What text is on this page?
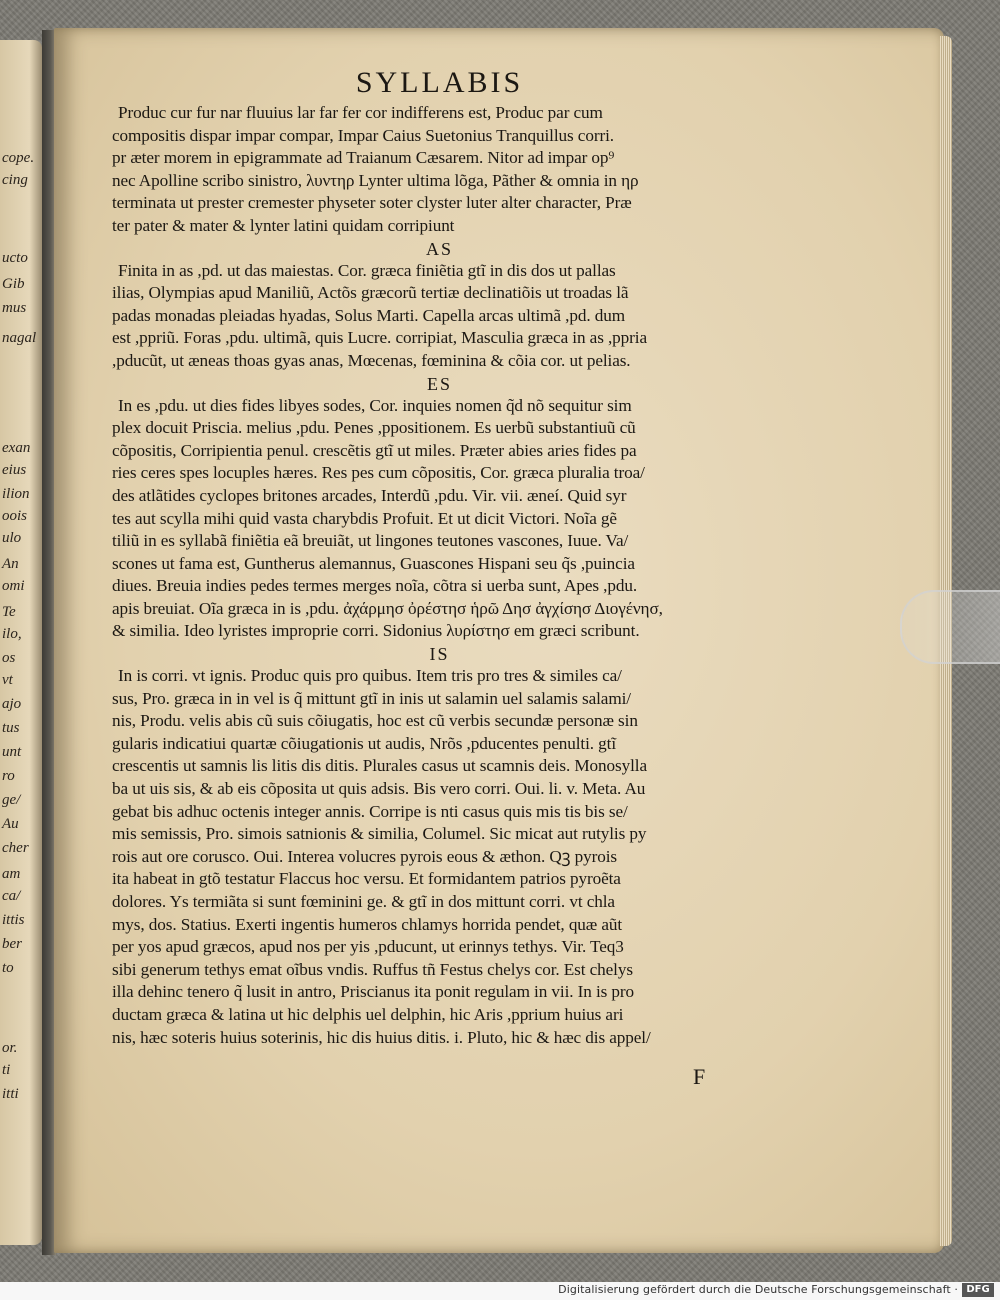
cope.
cing
ucto
Gib
mus
nagal
exan
eius
ilion
oois
ulo
An
omi
Te
ilo,
os
vt
ajo
tus
unt
ro
ge/
Au
cher
am
ca/
ittis
ber
to
or.
ti
itti
SYLLABIS
Produc cur fur nar fluuius lar far fer cor indifferens est, Produc par cum
compositis dispar impar compar, Impar Caius Suetonius Tranquillus corri.
pr æter morem in epigrammate ad Traianum Cæsarem. Nitor ad impar op⁹
nec Apolline scribo sinistro, λυντηρ Lynter ultima lõga, Pãther & omnia in ηρ
terminata ut prester cremester physeter soter clyster luter alter character, Præ
ter pater & mater & lynter latini quidam corripiunt
AS
Finita in as ,pd. ut das maiestas. Cor. græca finiẽtia gtĩ in dis dos ut pallas
ilias, Olympias apud Maniliũ, Actõs græcorũ tertiæ declinatiõis ut troadas lã
padas monadas pleiadas hyadas, Solus Marti. Capella arcas ultimã ,pd. dum
est ,ppriũ. Foras ,pdu. ultimã, quis Lucre. corripiat, Masculia græca in as ,ppria
,pducũt, ut æneas thoas gyas anas, Mœcenas, fœminina & cõia cor. ut pelias.
ES
In es ,pdu. ut dies fides libyes sodes, Cor. inquies nomen q̃d nõ sequitur sim
plex docuit Priscia. melius ,pdu. Penes ,ppositionem. Es uerbũ substantiuũ cũ
cõpositis, Corripientia penul. crescẽtis gtĩ ut miles. Præter abies aries fides pa
ries ceres spes locuples hæres. Res pes cum cõpositis, Cor. græca pluralia troa/
des atlãtides cyclopes britones arcades, Interdũ ,pdu. Vir. vii. æneí. Quid syr
tes aut scylla mihi quid vasta charybdis Profuit. Et ut dicit Victori. Noĩa gẽ
tiliũ in es syllabã finiẽtia eã breuiãt, ut lingones teutones vascones, Iuue. Va/
scones ut fama est, Guntherus alemannus, Guascones Hispani seu q̃s ,puincia
diues. Breuia indies pedes termes merges noĩa, cõtra si uerba sunt, Apes ,pdu.
apis breuiat. Oĩa græca in is ,pdu. ἀχάρμησ ὀρέστησ ἡρῶ Δησ ἀγχίσησ Διογένησ,
& similia. Ideo lyristes improprie corri. Sidonius λυρίστησ em græci scribunt.
IS
In is corri. vt ignis. Produc quis pro quibus. Item tris pro tres & similes ca/
sus, Pro. græca in in vel is q̃ mittunt gtĩ in inis ut salamin uel salamis salami/
nis, Produ. velis abis cũ suis cõiugatis, hoc est cũ verbis secundæ personæ sin
gularis indicatiui quartæ cõiugationis ut audis, Nrõs ,pducentes penulti. gtĩ
crescentis ut samnis lis litis dis ditis. Plurales casus ut scamnis deis. Monosylla
ba ut uis sis, & ab eis cõposita ut quis adsis. Bis vero corri. Oui. li. v. Meta. Au
gebat bis adhuc octenis integer annis. Corripe is nti casus quis mis tis bis se/
mis semissis, Pro. simois satnionis & similia, Columel. Sic micat aut rutylis py
rois aut ore corusco. Oui. Interea volucres pyrois eous & æthon. Qꝫ pyrois
ita habeat in gtõ testatur Flaccus hoc versu. Et formidantem patrios pyroẽta
dolores. Ys termiãta si sunt fœminini ge. & gtĩ in dos mittunt corri. vt chla
mys, dos. Statius. Exerti ingentis humeros chlamys horrida pendet, quæ aũt
per yos apud græcos, apud nos per yis ,pducunt, ut erinnys tethys. Vir. Teq3
sibi generum tethys emat oĩbus vndis. Ruffus tñ Festus chelys cor. Est chelys
illa dehinc tenero q̃ lusit in antro, Priscianus ita ponit regulam in vii. In is pro
ductam græca & latina ut hic delphis uel delphin, hic Aris ,pprium huius ari
nis, hæc soteris huius soterinis, hic dis huius ditis. i. Pluto, hic & hæc dis appel/
F
Digitalisierung gefördert durch die Deutsche Forschungsgemeinschaft · DFG
